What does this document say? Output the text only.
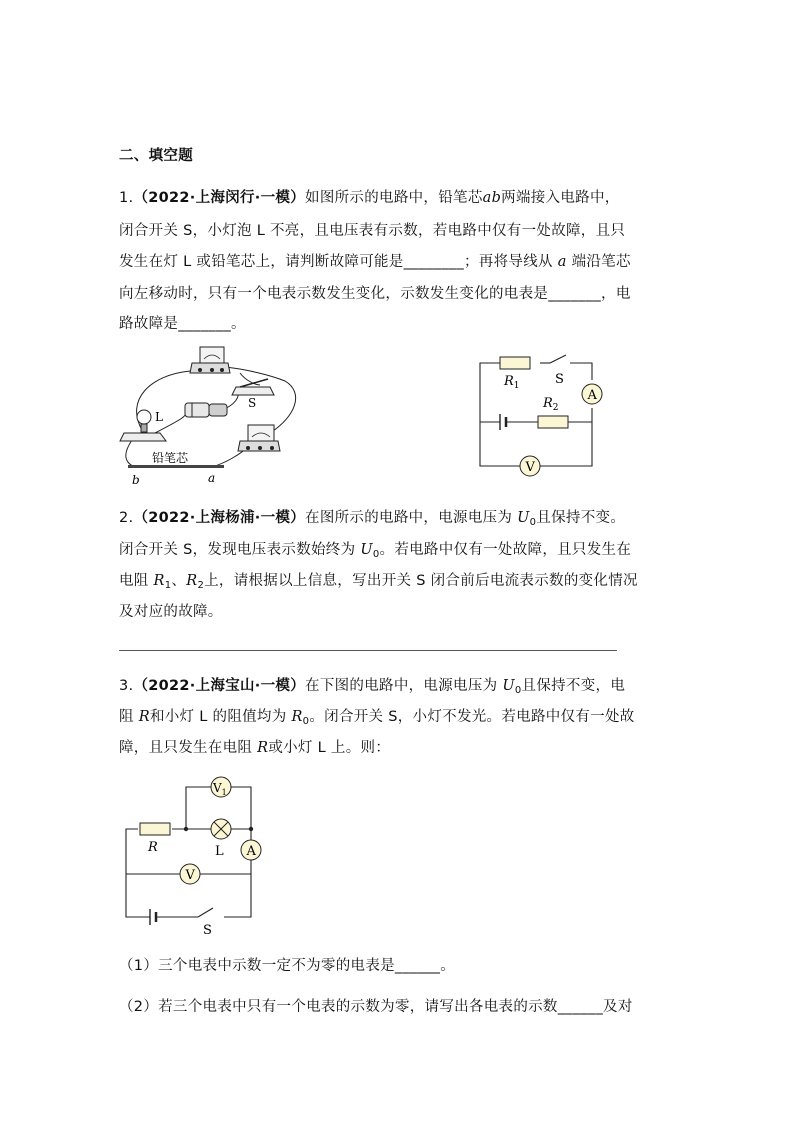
二、填空题
1.（2022·上海闵行·一模）如图所示的电路中，铅笔芯ab两端接入电路中，
闭合开关 S，小灯泡 L 不亮，且电压表有示数，若电路中仅有一处故障，且只
发生在灯 L 或铅笔芯上，请判断故障可能是________；再将导线从 a 端沿笔芯
向左移动时，只有一个电表示数发生变化，示数发生变化的电表是_______，电
路故障是_______。
S
L
铅笔芯
b	a
A
V
$R_1$
$R_2$
S
2.（2022·上海杨浦·一模）在图所示的电路中，电源电压为 $U_0$且保持不变。
闭合开关 S，发现电压表示数始终为 $U_0$。若电路中仅有一处故障，且只发生在
电阻 $R_1$、$R_2$上，请根据以上信息，写出开关 S 闭合前后电流表示数的变化情况
及对应的故障。
3.（2022·上海宝山·一模）在下图的电路中，电源电压为 $U_0$且保持不变，电
阻 R和小灯 L 的阻值均为 $R_0$。闭合开关 S，小灯不发光。若电路中仅有一处故
障，且只发生在电阻 R或小灯 L 上。则：
$V_1$
A
V
R	L
S
（1）三个电表中示数一定不为零的电表是______。
（2）若三个电表中只有一个电表的示数为零，请写出各电表的示数______及对
